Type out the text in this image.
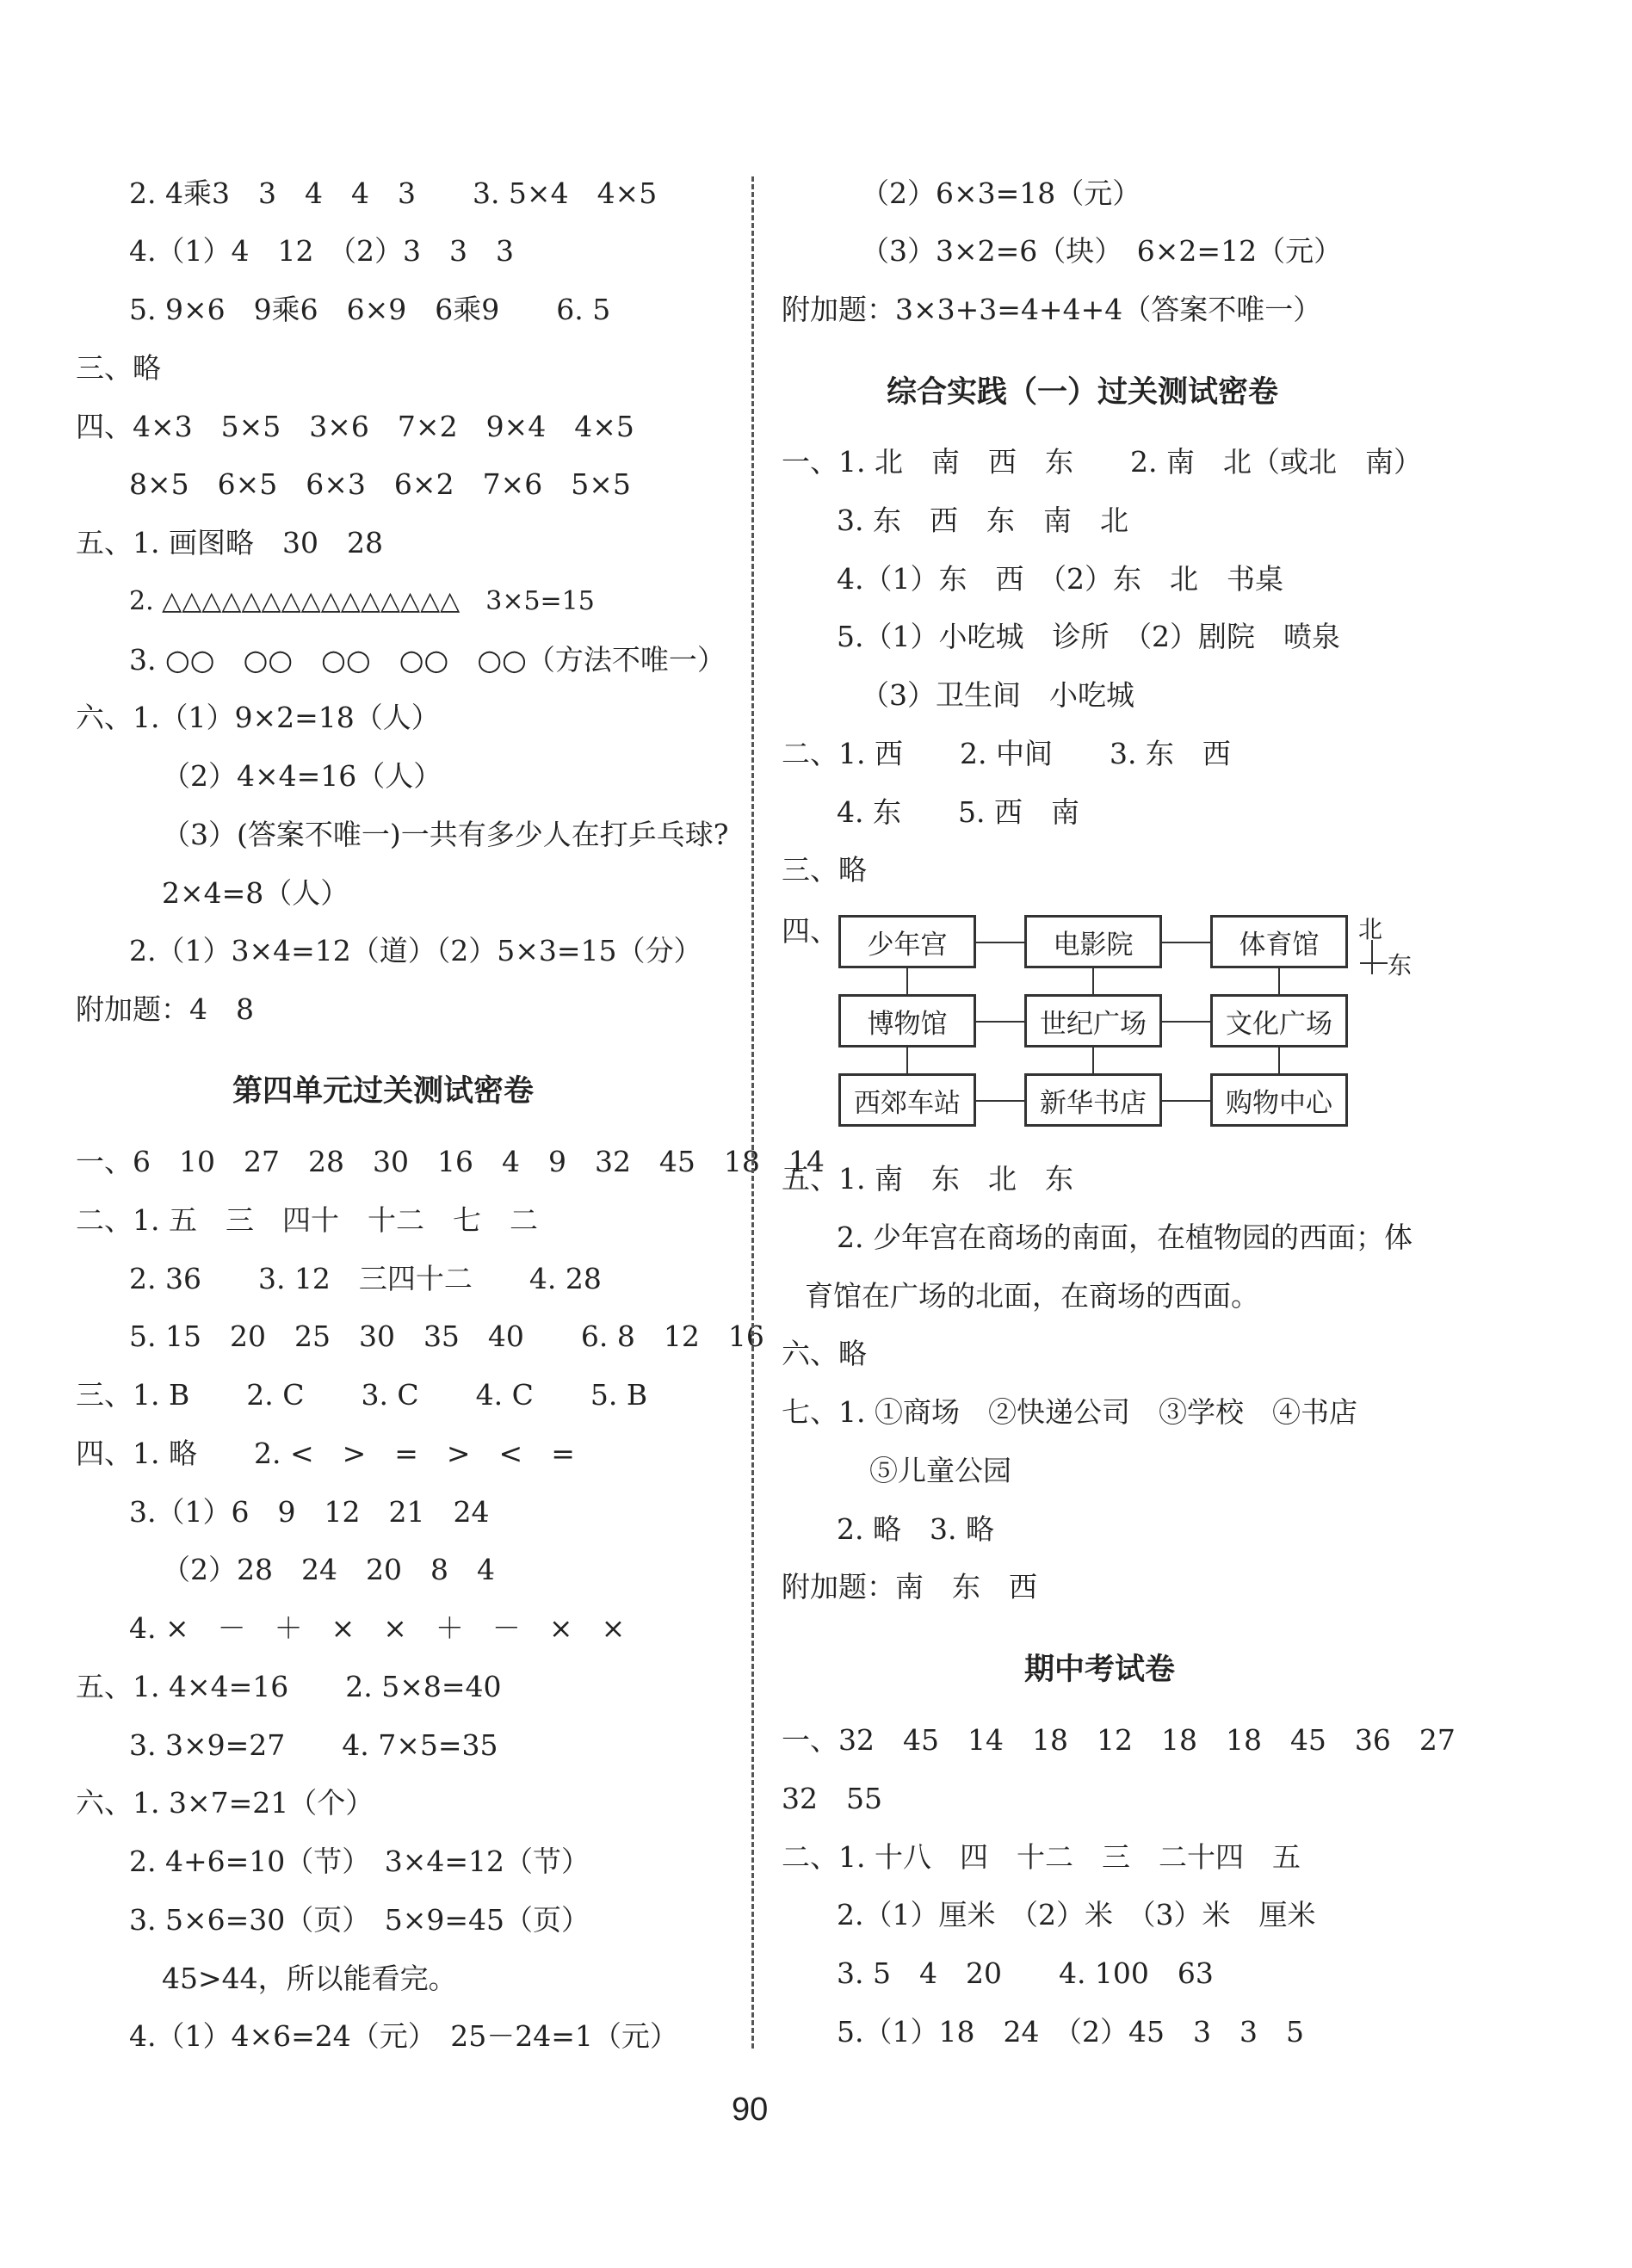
2. 4乘3　3　4　4　3　　3. 5×4　4×5
4.（1）4　12　（2）3　3　3
5. 9×6　9乘6　6×9　6乘9　　6. 5
三、略
四、4×3　5×5　3×6　7×2　9×4　4×5
8×5　6×5　6×3　6×2　7×6　5×5
五、1. 画图略　30　28
2. △△△△△△△△△△△△△△△　3×5=15
3. ○○　○○　○○　○○　○○（方法不唯一）
六、1.（1）9×2=18（人）
（2）4×4=16（人）
（3）(答案不唯一)一共有多少人在打乒乓球?
2×4=8（人）
2.（1）3×4=12（道）（2）5×3=15（分）
附加题：4　8
第四单元过关测试密卷
一、6　10　27　28　30　16　4　9　32　45　18　14
二、1. 五　三　四十　十二　七　二
2. 36　　3. 12　三四十二　　4. 28
5. 15　20　25　30　35　40　　6. 8　12　16
三、1. B　　2. C　　3. C　　4. C　　5. B
四、1. 略　　2. <　>　=　>　<　=
3.（1）6　9　12　21　24
（2）28　24　20　8　4
4. ×　－　＋　×　×　＋　－　×　×
五、1. 4×4=16　　2. 5×8=40
3. 3×9=27　　4. 7×5=35
六、1. 3×7=21（个）
2. 4+6=10（节）　3×4=12（节）
3. 5×6=30（页）　5×9=45（页）
45>44，所以能看完。
4.（1）4×6=24（元）　25－24=1（元）
（2）6×3=18（元）
（3）3×2=6（块）　6×2=12（元）
附加题：3×3+3=4+4+4（答案不唯一）
综合实践（一）过关测试密卷
一、1. 北　南　西　东　　2. 南　北（或北　南）
3. 东　西　东　南　北
4.（1）东　西　（2）东　北　书桌
5.（1）小吃城　诊所　（2）剧院　喷泉
（3）卫生间　小吃城
二、1. 西　　2. 中间　　3. 东　西
4. 东　　5. 西　南
三、略
四、	少年宫	电影院	体育馆
博物馆	世纪广场	文化广场
西郊车站	新华书店	购物中心
北
东
五、1. 南　东　北　东
2. 少年宫在商场的南面，在植物园的西面；体
育馆在广场的北面，在商场的西面。
六、略
七、1. ①商场　②快递公司　③学校　④书店
⑤儿童公园
2. 略　3. 略
附加题：南　东　西
期中考试卷
一、32　45　14　18　12　18　18　45　36　27
32　55
二、1. 十八　四　十二　三　二十四　五
2.（1）厘米　（2）米　（3）米　厘米
3. 5　4　20　　4. 100　63
5.（1）18　24　（2）45　3　3　5
90
